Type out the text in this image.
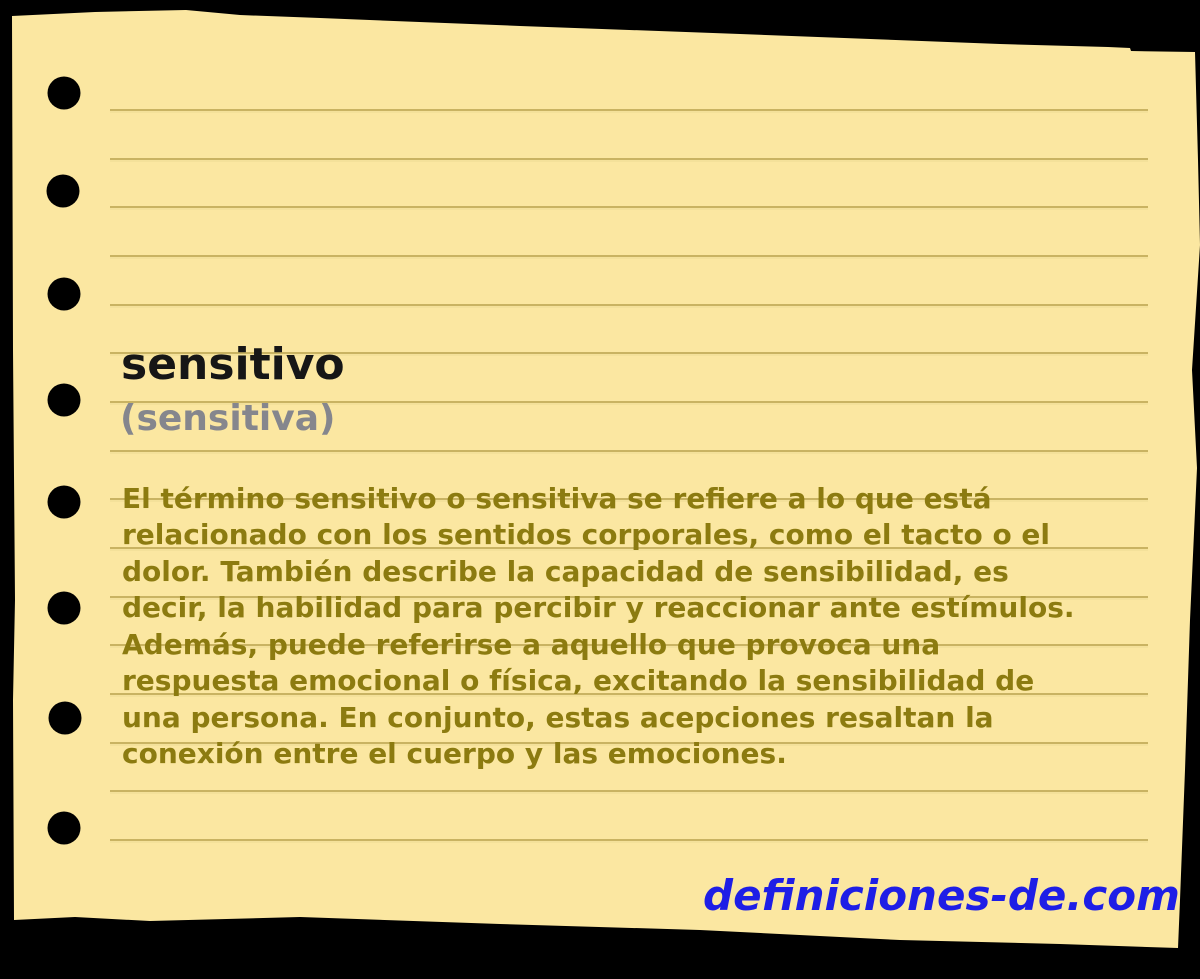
sensitivo
(sensitiva)
El término sensitivo o sensitiva se refiere a lo que está
relacionado con los sentidos corporales, como el tacto o el
dolor. También describe la capacidad de sensibilidad, es
decir, la habilidad para percibir y reaccionar ante estímulos.
Además, puede referirse a aquello que provoca una
respuesta emocional o física, excitando la sensibilidad de
una persona. En conjunto, estas acepciones resaltan la
conexión entre el cuerpo y las emociones.
definiciones-de.com
